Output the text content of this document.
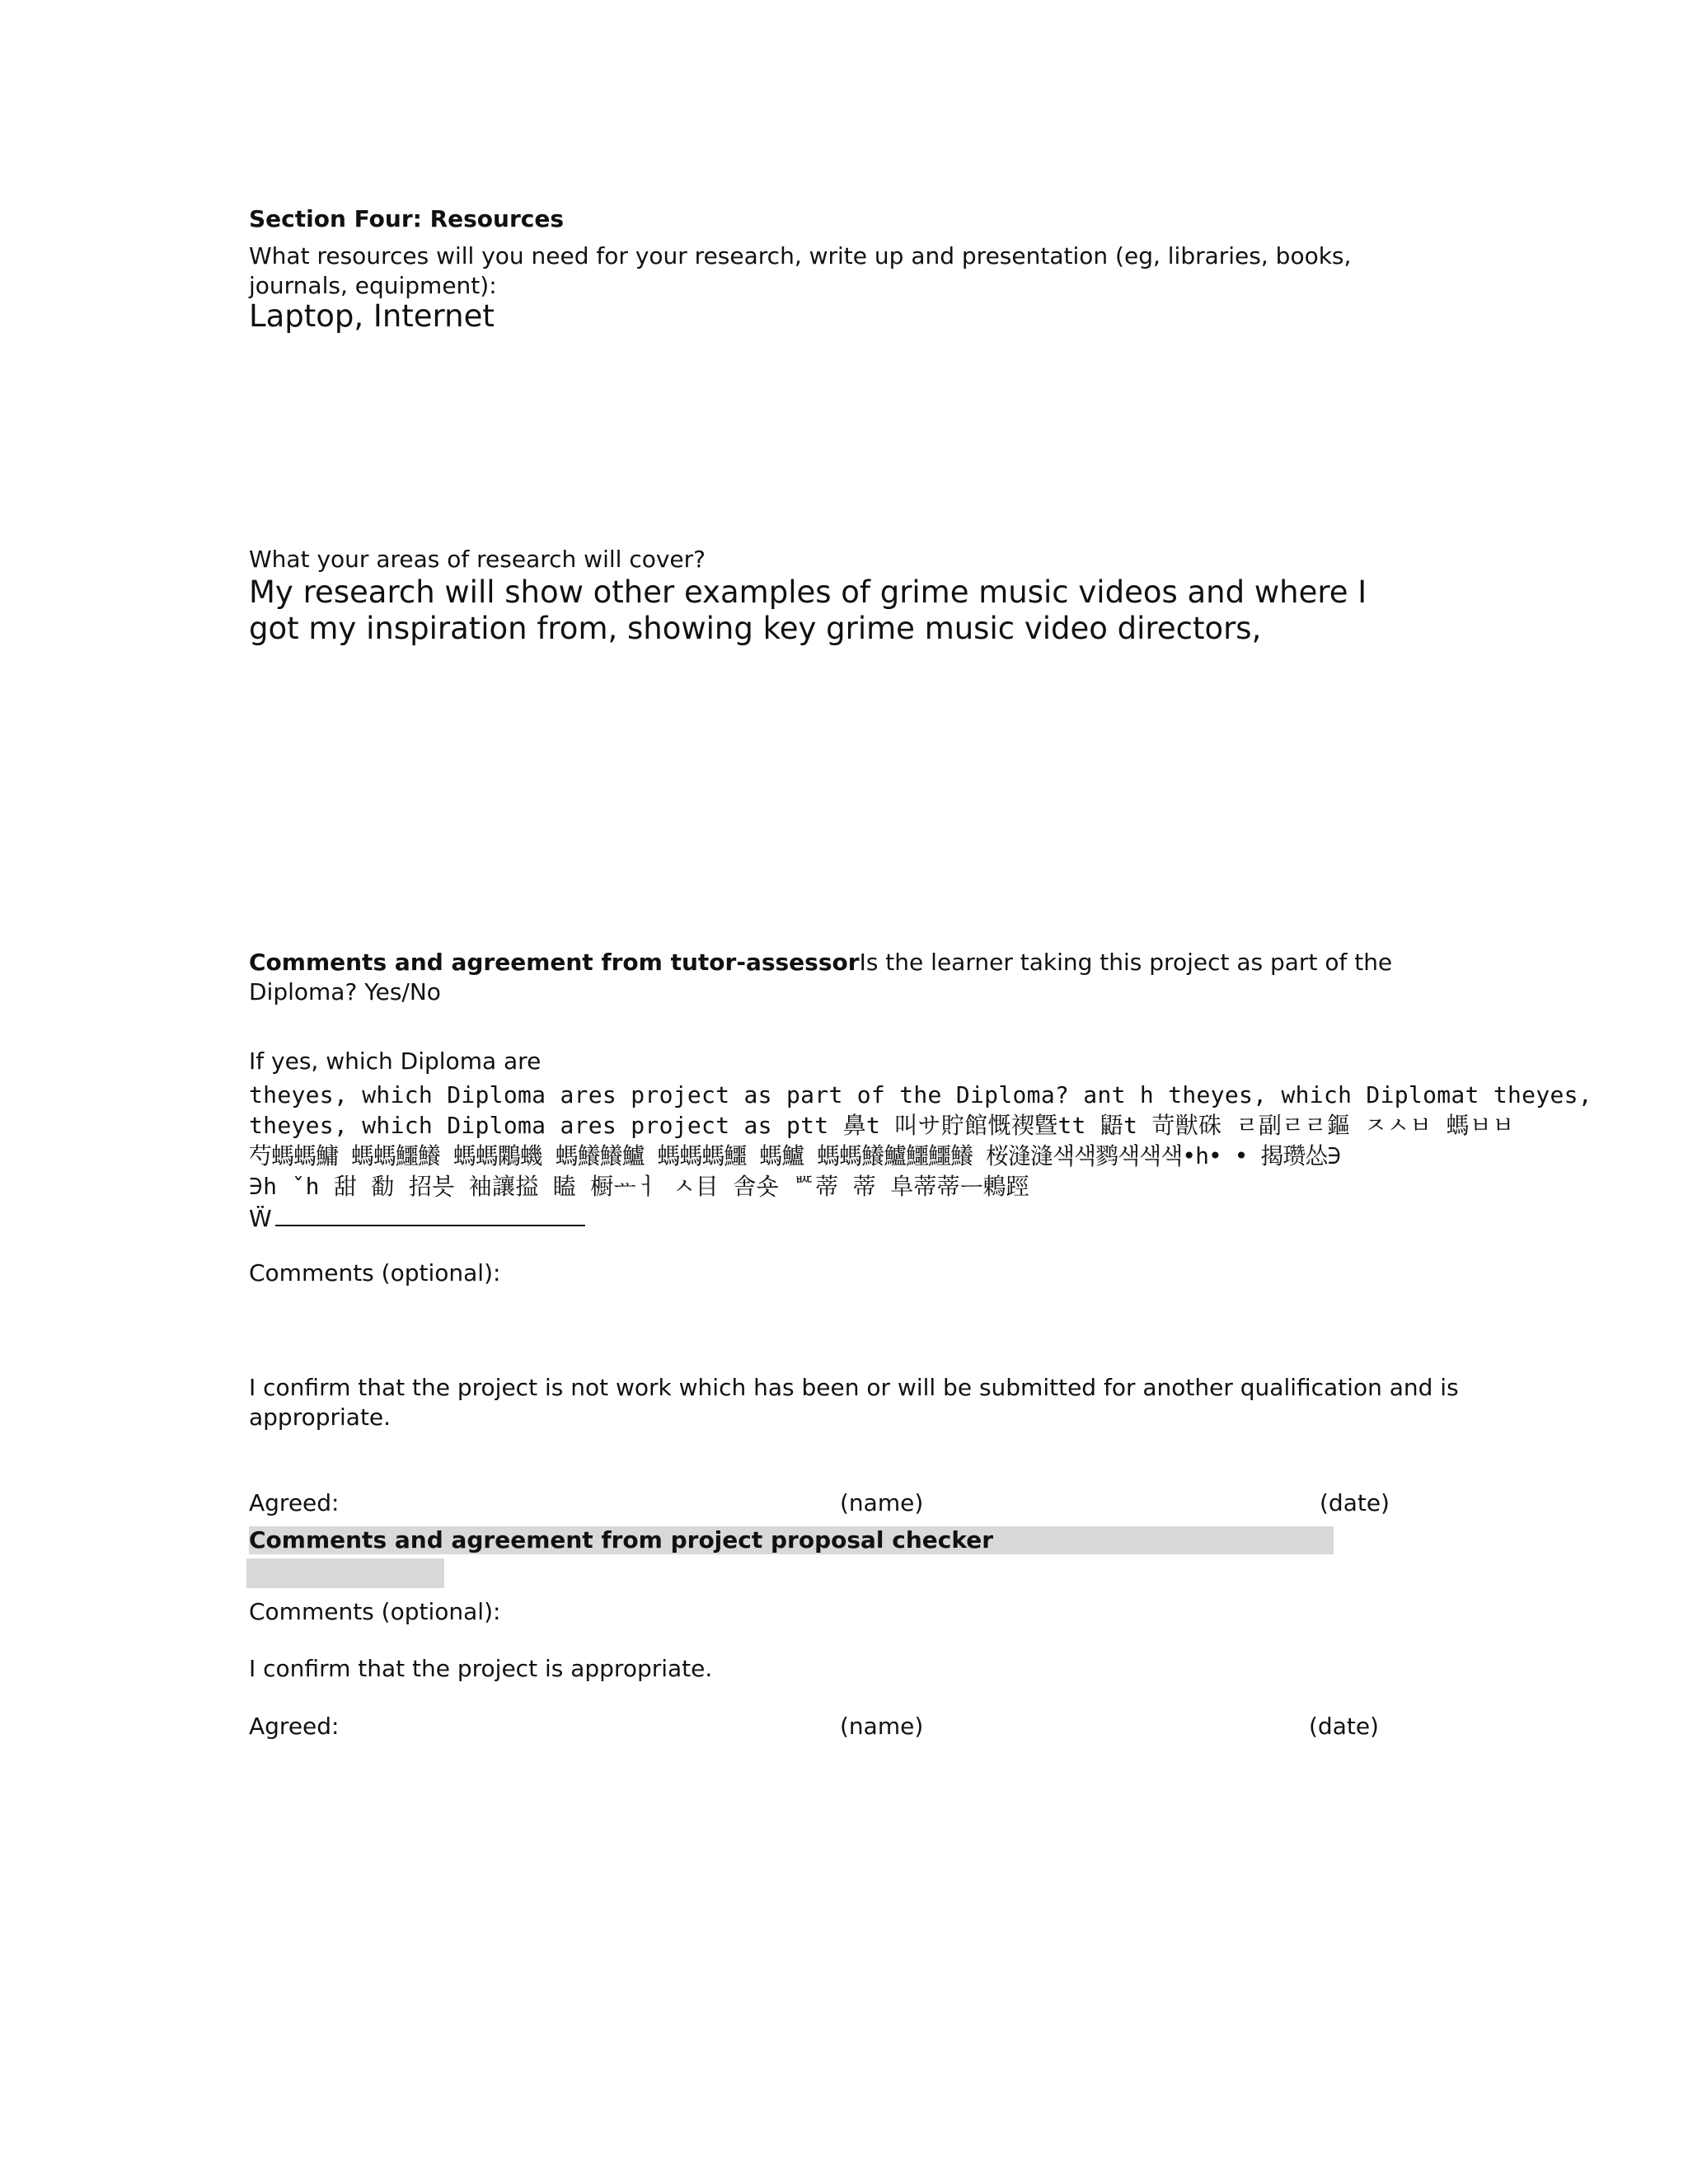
Section Four: Resources
What resources will you need for your research, write up and presentation (eg, libraries, books, journals, equipment):
Laptop, Internet
What your areas of research will cover?
My research will show other examples of grime music videos and where I got my inspiration from, showing key grime music video directors,
Comments and agreement from tutor-assessorIs the learner taking this project as part of the Diploma? Yes/No
If yes, which Diploma are
theyes, which Diploma ares project as part of the Diploma? ant h theyes, which Diplomat theyes,
theyes, which Diploma ares project as ptt 鼻t 叫サ貯館慨禊曁tt 鼯t 苛獣硃 ㄹ副ㄹㄹ鏂 ㅈㅅㅂ 螞ㅂㅂ
芍螞螞鱅 螞螞鱷鱶 螞螞鷴蟣 螞鱶鱶鱸 螞螞螞鱷 螞鱸 螞螞鱶鱸鱷鱷鱶 桜漨漨색색鹨색색색•h• • 揭瓒怂∋
∋h ˇh 甜 勫 招븟 袖讓搤 瞌 橱ᅭㅓ ㅅ目 舎숏 ᄣ蒂 蒂 阜蒂蒂ᅳ鶇踁
Ẅ
Comments (optional):
I confirm that the project is not work which has been or will be submitted for another qualification and is appropriate.
Agreed:	(name)	(date)
Comments and agreement from project proposal checker
Comments (optional):
I confirm that the project is appropriate.
Agreed:	(name)	(date)
